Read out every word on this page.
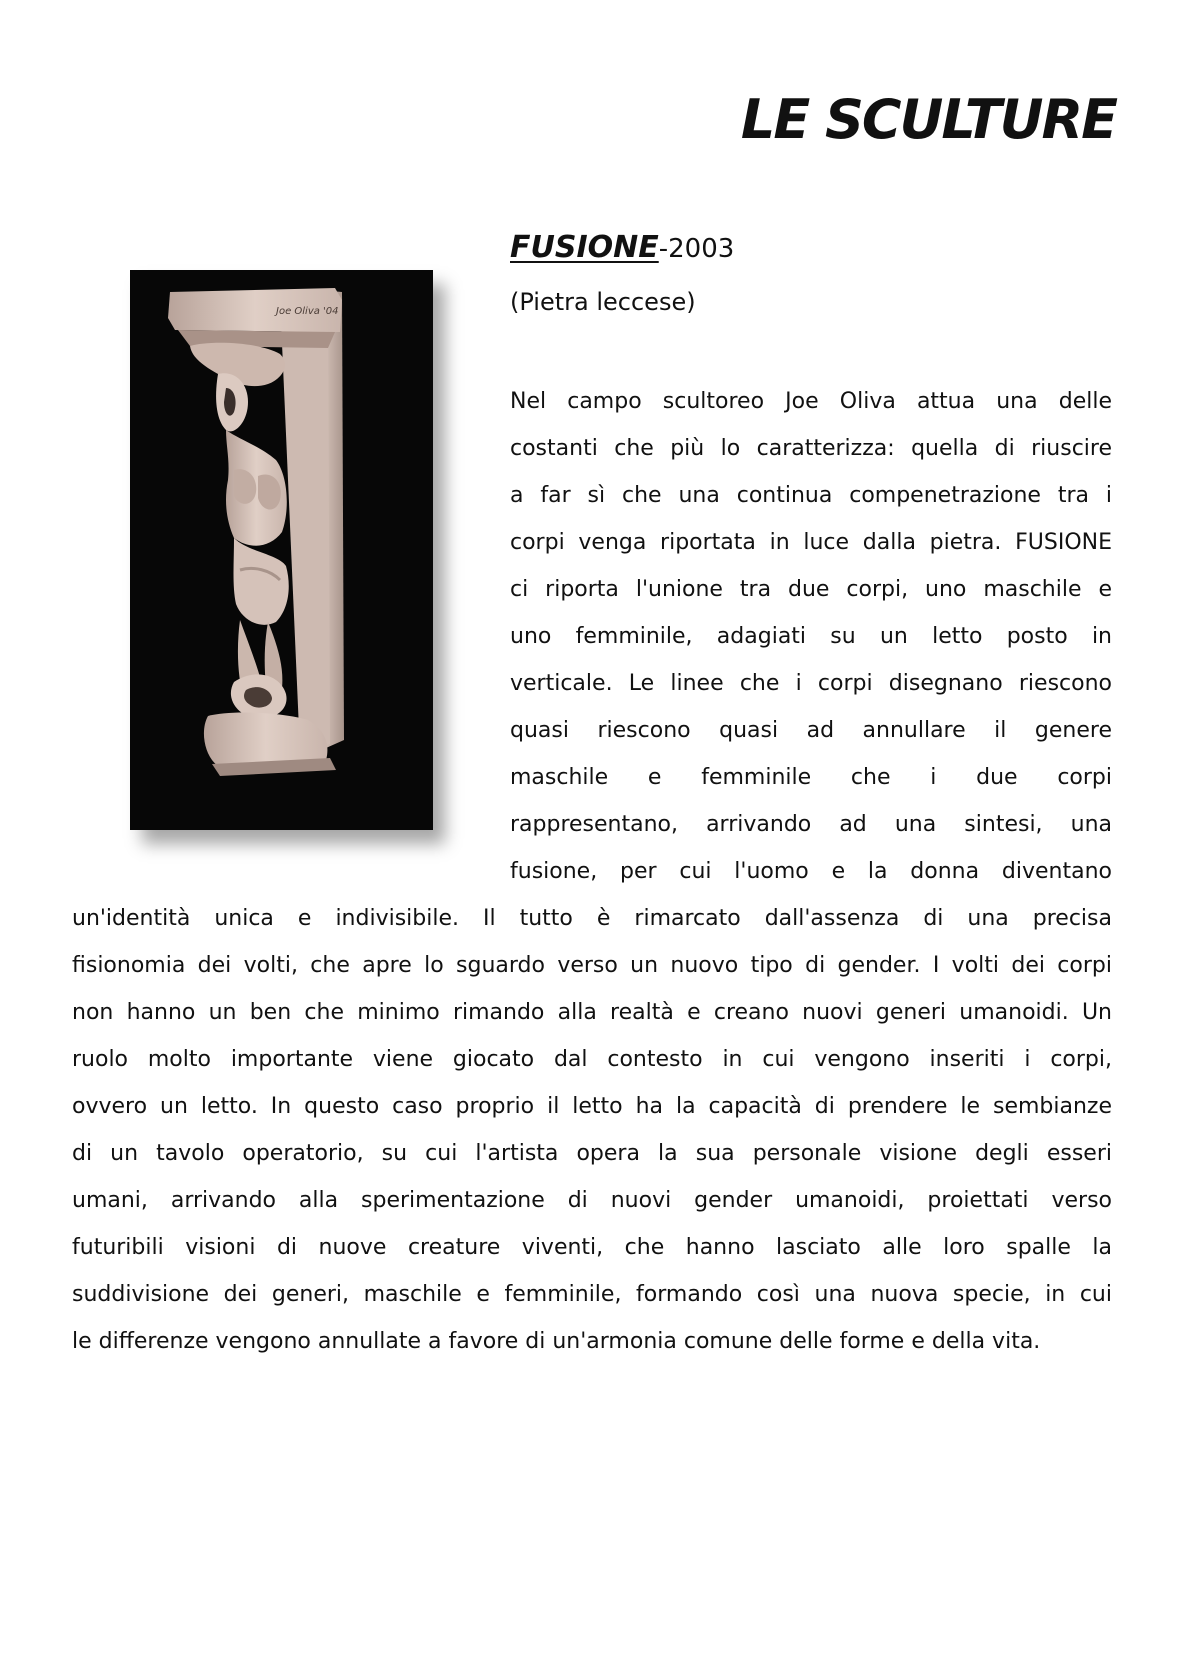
LE SCULTURE
Joe Oliva '04
FUSIONE-2003
(Pietra leccese)
Nel campo scultoreo Joe Oliva attua una delle
costanti che più lo caratterizza: quella di riuscire
a far sì che una continua compenetrazione tra i
corpi venga riportata in luce dalla pietra. FUSIONE
ci riporta l'unione tra due corpi, uno maschile e
uno femminile, adagiati su un letto posto in
verticale. Le linee che i corpi disegnano riescono
quasi riescono quasi ad annullare il genere
maschile e femminile che i due corpi
rappresentano, arrivando ad una sintesi, una
fusione, per cui l'uomo e la donna diventano
un'identità unica e indivisibile. Il tutto è rimarcato dall'assenza di una precisa
fisionomia dei volti, che apre lo sguardo verso un nuovo tipo di gender. I volti dei corpi
non hanno un ben che minimo rimando alla realtà e creano nuovi generi umanoidi. Un
ruolo molto importante viene giocato dal contesto in cui vengono inseriti i corpi,
ovvero un letto. In questo caso proprio il letto ha la capacità di prendere le sembianze
di un tavolo operatorio, su cui l'artista opera la sua personale visione degli esseri
umani, arrivando alla sperimentazione di nuovi gender umanoidi, proiettati verso
futuribili visioni di nuove creature viventi, che hanno lasciato alle loro spalle la
suddivisione dei generi, maschile e femminile, formando così una nuova specie, in cui
le differenze vengono annullate a favore di un'armonia comune delle forme e della vita.
